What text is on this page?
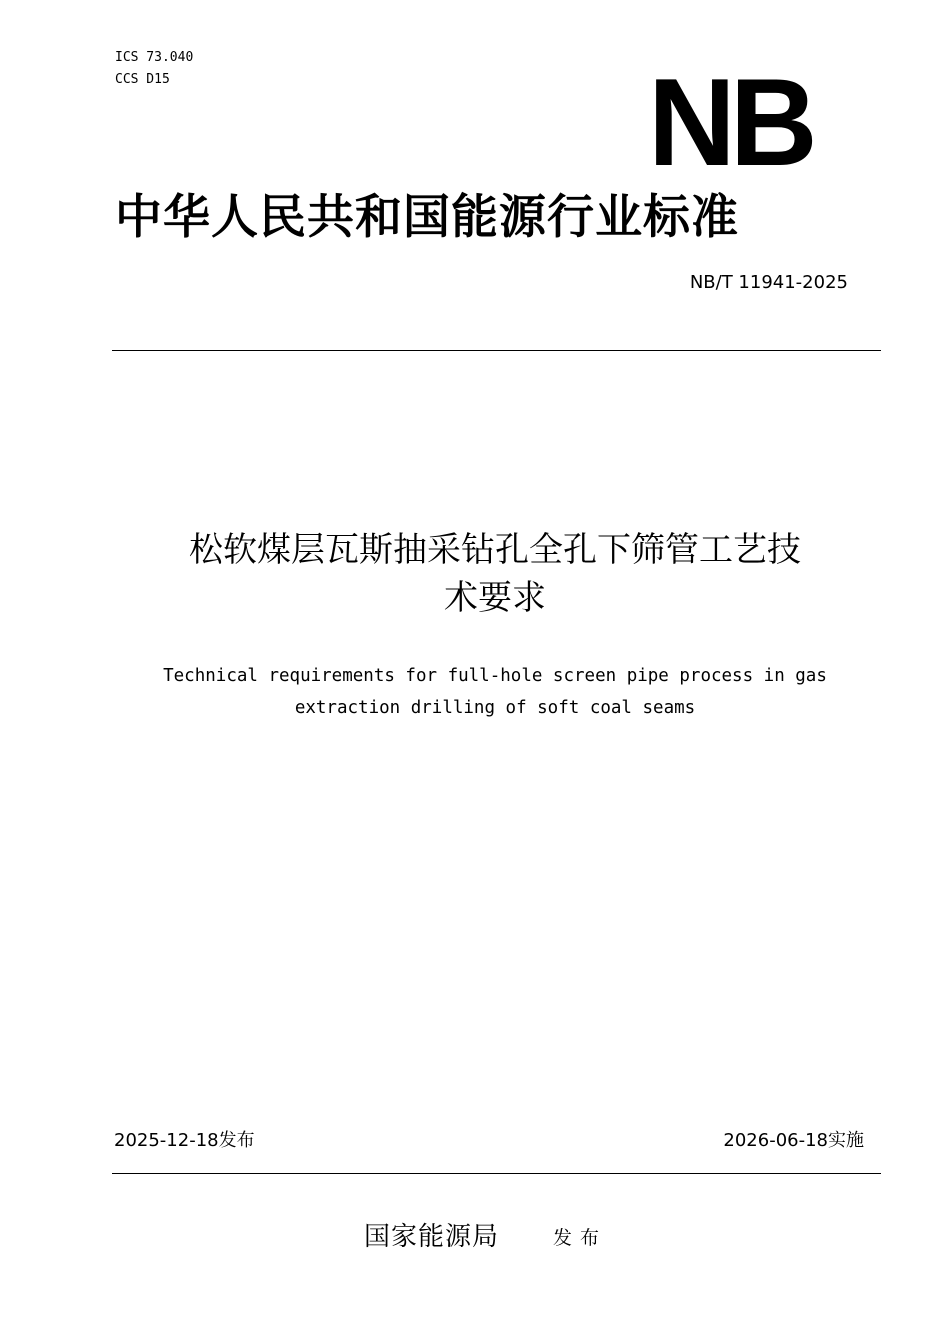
ICS 73.040
CCS D15	NB
中华人民共和国能源行业标准
NB/T 11941-2025
松软煤层瓦斯抽采钻孔全孔下筛管工艺技
术要求
Technical requirements for full-hole screen pipe process in gas
extraction drilling of soft coal seams
2025-12-18发布	2026-06-18实施
国家能源局	发布
